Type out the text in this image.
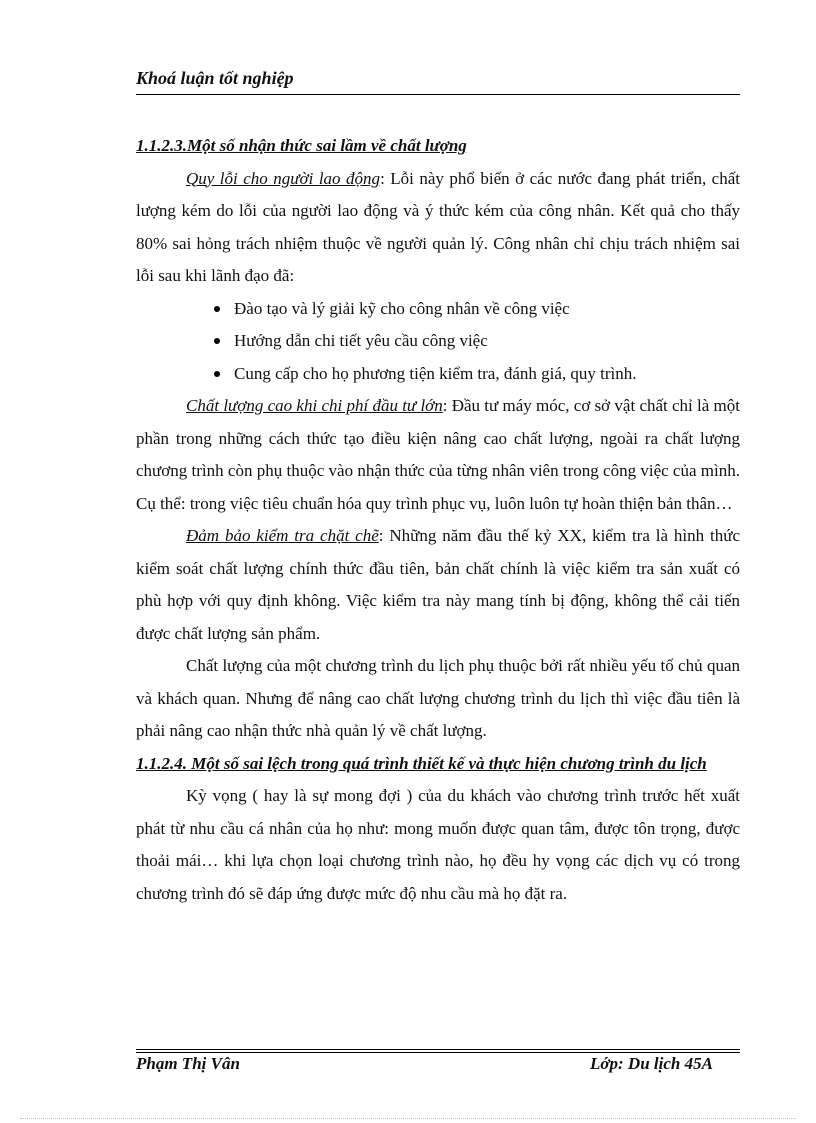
Khoá luận tốt nghiệp

1.1.2.3.Một số nhận thức sai lầm về chất lượng

Quy lỗi cho người lao động: Lỗi này phổ biến ở các nước đang phát triển, chất lượng kém do lỗi của người lao động và ý thức kém của công nhân. Kết quả cho thấy 80% sai hỏng trách nhiệm thuộc về người quản lý. Công nhân chỉ chịu trách nhiệm sai lỗi sau khi lãnh đạo đã:

Đào tạo và lý giải kỹ cho công nhân về công việc
Hướng dẫn chi tiết yêu cầu công việc
Cung cấp cho họ phương tiện kiểm tra, đánh giá, quy trình.

Chất lượng cao khi chi phí đầu tư lớn: Đầu tư máy móc, cơ sở vật chất chỉ là một phần trong những cách thức tạo điều kiện nâng cao chất lượng, ngoài ra chất lượng chương trình còn phụ thuộc vào nhận thức của từng nhân viên trong công việc của mình. Cụ thể: trong việc tiêu chuẩn hóa quy trình phục vụ, luôn luôn tự hoàn thiện bản thân…

Đảm bảo kiểm tra chặt chẽ: Những năm đầu thế kỷ XX, kiểm tra là hình thức kiểm soát chất lượng chính thức đầu tiên, bản chất chính là việc kiểm tra sản xuất có phù hợp với quy định không. Việc kiểm tra này mang tính bị động, không thể cải tiến được chất lượng sản phẩm.

Chất lượng của một chương trình du lịch phụ thuộc bởi rất nhiều yếu tố chủ quan và khách quan. Nhưng để nâng cao chất lượng chương trình du lịch thì việc đầu tiên là phải nâng cao nhận thức nhà quản lý về chất lượng.

1.1.2.4. Một số sai lệch trong quá trình thiết kế và thực hiện chương trình du lịch

Kỳ vọng ( hay là sự mong đợi ) của du khách vào chương trình trước hết xuất phát từ nhu cầu cá nhân của họ như: mong muốn được quan tâm, được tôn trọng, được thoải mái… khi lựa chọn loại chương trình nào, họ đều hy vọng các dịch vụ có trong chương trình đó sẽ đáp ứng được mức độ nhu cầu mà họ đặt ra.

Phạm Thị Vân	Lớp: Du lịch 45A
